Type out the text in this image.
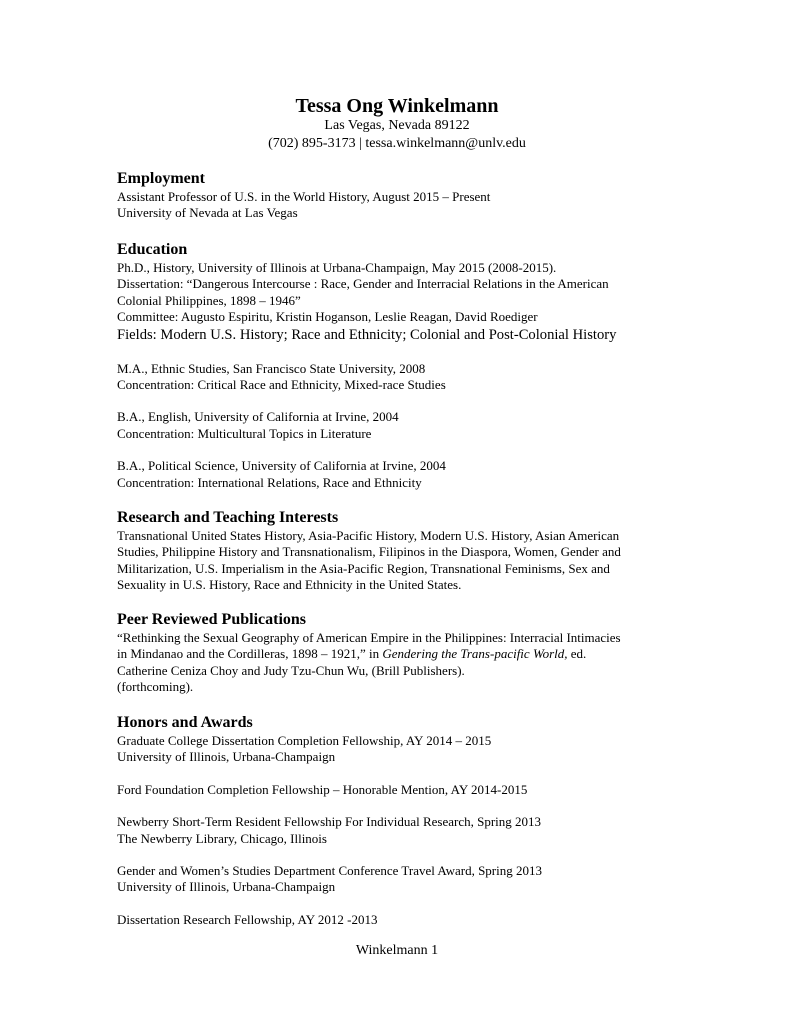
Tessa Ong Winkelmann
Las Vegas, Nevada 89122
(702) 895-3173 | tessa.winkelmann@unlv.edu
Employment
Assistant Professor of U.S. in the World History, August 2015 – Present
University of Nevada at Las Vegas
Education
Ph.D., History, University of Illinois at Urbana-Champaign, May 2015 (2008-2015).
Dissertation: “Dangerous Intercourse : Race, Gender and Interracial Relations in the American
Colonial Philippines, 1898 – 1946”
Committee: Augusto Espiritu, Kristin Hoganson, Leslie Reagan, David Roediger
Fields: Modern U.S. History; Race and Ethnicity; Colonial and Post-Colonial History
M.A., Ethnic Studies, San Francisco State University, 2008
Concentration: Critical Race and Ethnicity, Mixed-race Studies
B.A., English, University of California at Irvine, 2004
Concentration: Multicultural Topics in Literature
B.A., Political Science, University of California at Irvine, 2004
Concentration: International Relations, Race and Ethnicity
Research and Teaching Interests
Transnational United States History, Asia-Pacific History, Modern U.S. History, Asian American
Studies, Philippine History and Transnationalism, Filipinos in the Diaspora, Women, Gender and
Militarization, U.S. Imperialism in the Asia-Pacific Region, Transnational Feminisms, Sex and
Sexuality in U.S. History, Race and Ethnicity in the United States.
Peer Reviewed Publications
“Rethinking the Sexual Geography of American Empire in the Philippines: Interracial Intimacies
in Mindanao and the Cordilleras, 1898 – 1921,” in Gendering the Trans-pacific World, ed.
Catherine Ceniza Choy and Judy Tzu-Chun Wu, (Brill Publishers).
(forthcoming).
Honors and Awards
Graduate College Dissertation Completion Fellowship, AY 2014 – 2015
University of Illinois, Urbana-Champaign
Ford Foundation Completion Fellowship – Honorable Mention, AY 2014-2015
Newberry Short-Term Resident Fellowship For Individual Research, Spring 2013
The Newberry Library, Chicago, Illinois
Gender and Women’s Studies Department Conference Travel Award, Spring 2013
University of Illinois, Urbana-Champaign
Dissertation Research Fellowship, AY 2012 -2013
Winkelmann 1
